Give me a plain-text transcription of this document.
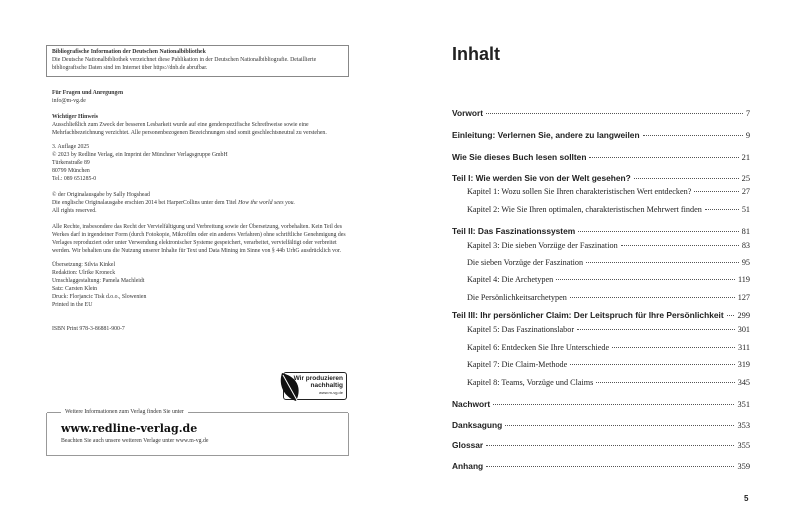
Bibliografische Information der Deutschen Nationalbibliothek
Die Deutsche Nationalbibliothek verzeichnet diese Publikation in der Deutschen Nationalbibliografie. Detaillierte bibliografische Daten sind im Internet über https://dnb.de abrufbar.
Für Fragen und Anregungen
info@m-vg.de
Wichtiger Hinweis
Ausschließlich zum Zweck der besseren Lesbarkeit wurde auf eine genderspezifische Schreibweise sowie eine Mehrfachbezeichnung verzichtet. Alle personenbezogenen Bezeichnungen sind somit geschlechtsneutral zu verstehen.
3. Auflage 2025
© 2023 by Redline Verlag, ein Imprint der Münchner Verlagsgruppe GmbH
Türkenstraße 89
80799 München
Tel.: 089 651285-0
© der Originalausgabe by Sally Hogshead
Die englische Originalausgabe erschien 2014 bei HarperCollins unter dem Titel How the world sees you.
All rights reserved.
Alle Rechte, insbesondere das Recht der Vervielfältigung und Verbreitung sowie der Übersetzung, vorbehalten. Kein Teil des Werkes darf in irgendeiner Form (durch Fotokopie, Mikrofilm oder ein anderes Verfahren) ohne schriftliche Genehmigung des Verlages reproduziert oder unter Verwendung elektronischer Systeme gespeichert, verarbeitet, vervielfältigt oder verbreitet werden. Wir behalten uns die Nutzung unserer Inhalte für Text und Data Mining im Sinne von § 44b UrhG ausdrücklich vor.
Übersetzung: Silvia Kinkel
Redaktion: Ulrike Kroneck
Umschlaggestaltung: Pamela Machleidt
Satz: Carsten Klein
Druck: Florjancic Tisk d.o.o., Slowenien
Printed in the EU
ISBN Print 978-3-86881-900-7
Wir produzieren
nachhaltig
www.m-vg.de
Weitere Informationen zum Verlag finden Sie unter
www.redline-verlag.de
Beachten Sie auch unsere weiteren Verlage unter www.m-vg.de
Inhalt
Vorwort	7
Einleitung: Verlernen Sie, andere zu langweilen	9
Wie Sie dieses Buch lesen sollten	21
Teil I: Wie werden Sie von der Welt gesehen?	25
Kapitel 1: Wozu sollen Sie Ihren charakteristischen Wert entdecken?	27
Kapitel 2: Wie Sie Ihren optimalen, charakteristischen Mehrwert finden	51
Teil II: Das Faszinationssystem	81
Kapitel 3: Die sieben Vorzüge der Faszination	83
Die sieben Vorzüge der Faszination	95
Kapitel 4: Die Archetypen	119
Die Persönlichkeitsarchetypen	127
Teil III: Ihr persönlicher Claim: Der Leitspruch für Ihre Persönlichkeit 299
Kapitel 5: Das Faszinationslabor	301
Kapitel 6: Entdecken Sie Ihre Unterschiede	311
Kapitel 7: Die Claim-Methode	319
Kapitel 8: Teams, Vorzüge und Claims	345
Nachwort	351
Danksagung	353
Glossar	355
Anhang	359
5
